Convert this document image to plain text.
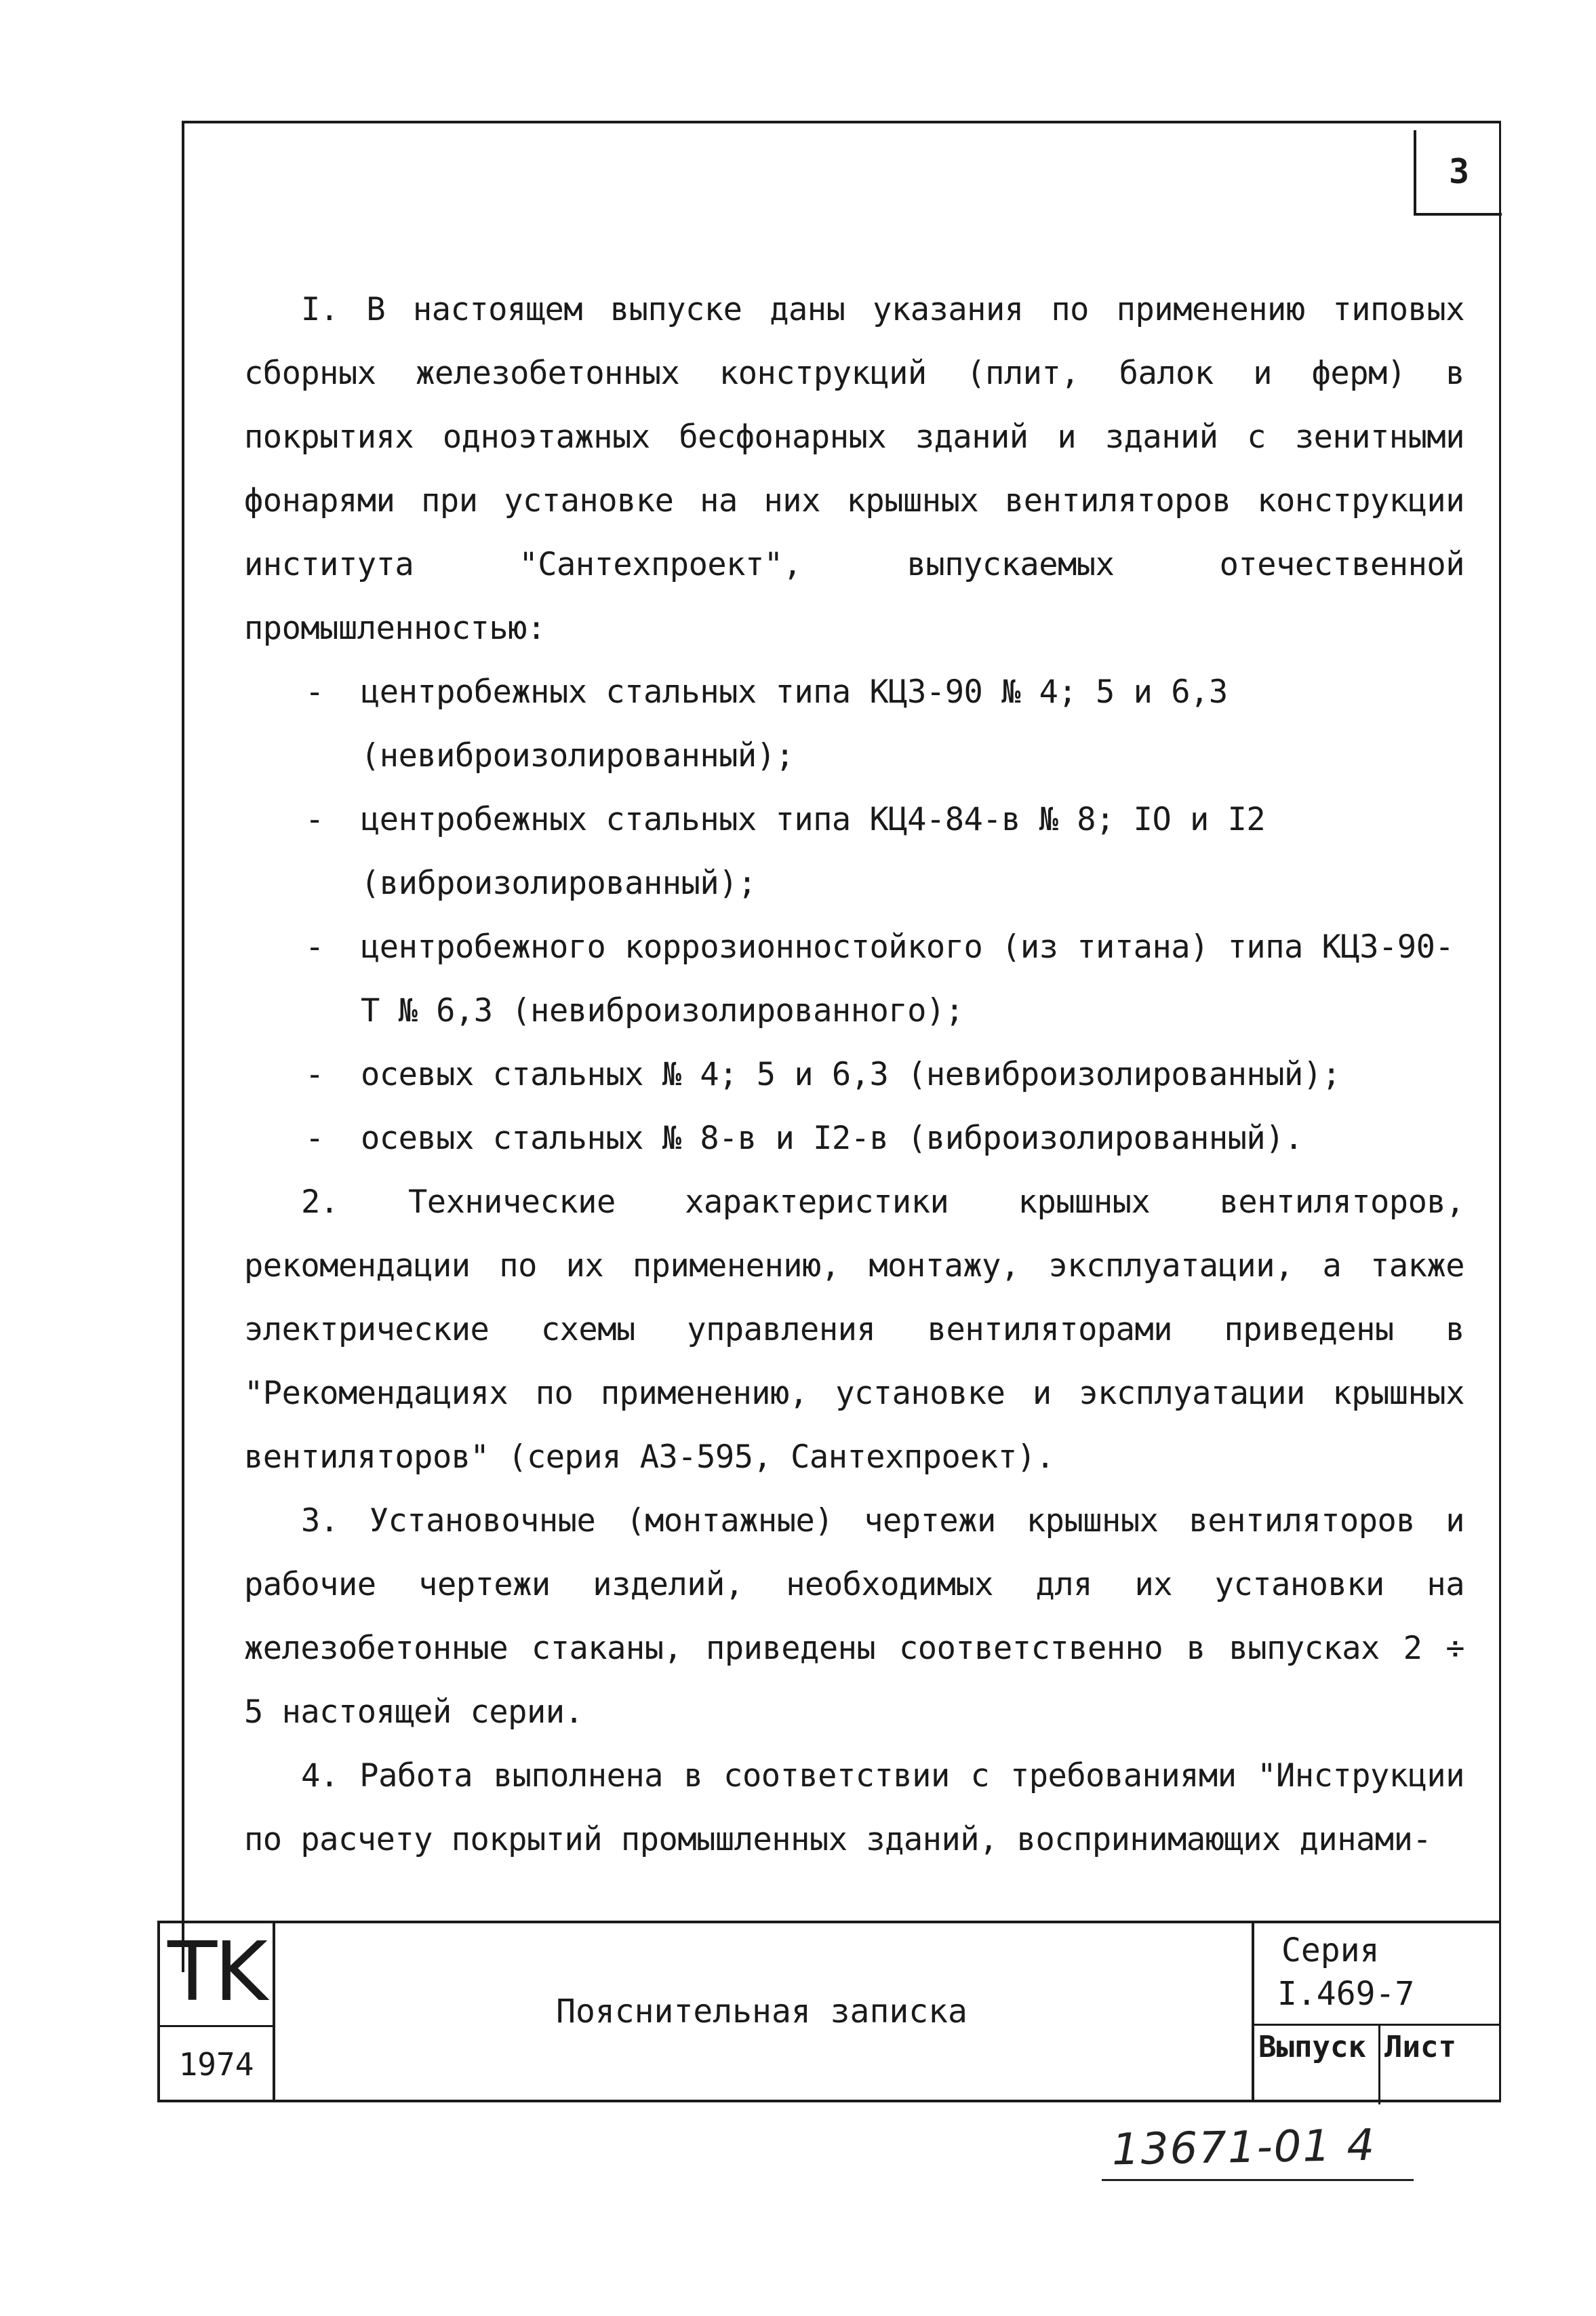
3

I. В настоящем выпуске даны указания по применению типовых сборных железобетонных конструкций (плит, балок и ферм) в покрытиях одноэтажных бесфонарных зданий и зданий с зенитными фонарями при установке на них крышных вентиляторов конструкции института "Сантехпроект", выпускаемых отечественной промышленностью:

- центробежных стальных типа КЦЗ-90 № 4; 5 и 6,3 (невиброизолированный);
- центробежных стальных типа КЦ4-84-в № 8; IO и I2 (виброизолированный);
- центробежного коррозионностойкого (из титана) типа КЦЗ-90-Т № 6,3 (невиброизолированного);
- осевых стальных № 4; 5 и 6,3 (невиброизолированный);
- осевых стальных № 8-в и I2-в (виброизолированный).

2. Технические характеристики крышных вентиляторов, рекомендации по их применению, монтажу, эксплуатации, а также электрические схемы управления вентиляторами приведены в "Рекомендациях по применению, установке и эксплуатации крышных вентиляторов" (серия АЗ-595, Сантехпроект).

3. Установочные (монтажные) чертежи крышных вентиляторов и рабочие чертежи изделий, необходимых для их установки на железобетонные стаканы, приведены соответственно в выпусках 2 ÷ 5 настоящей серии.

4. Работа выполнена в соответствии с требованиями "Инструкции по расчету покрытий промышленных зданий, воспринимающих динами-

TK
1974
Пояснительная записка
Серия
I.469-7
Выпуск Лист
13671-01 4
